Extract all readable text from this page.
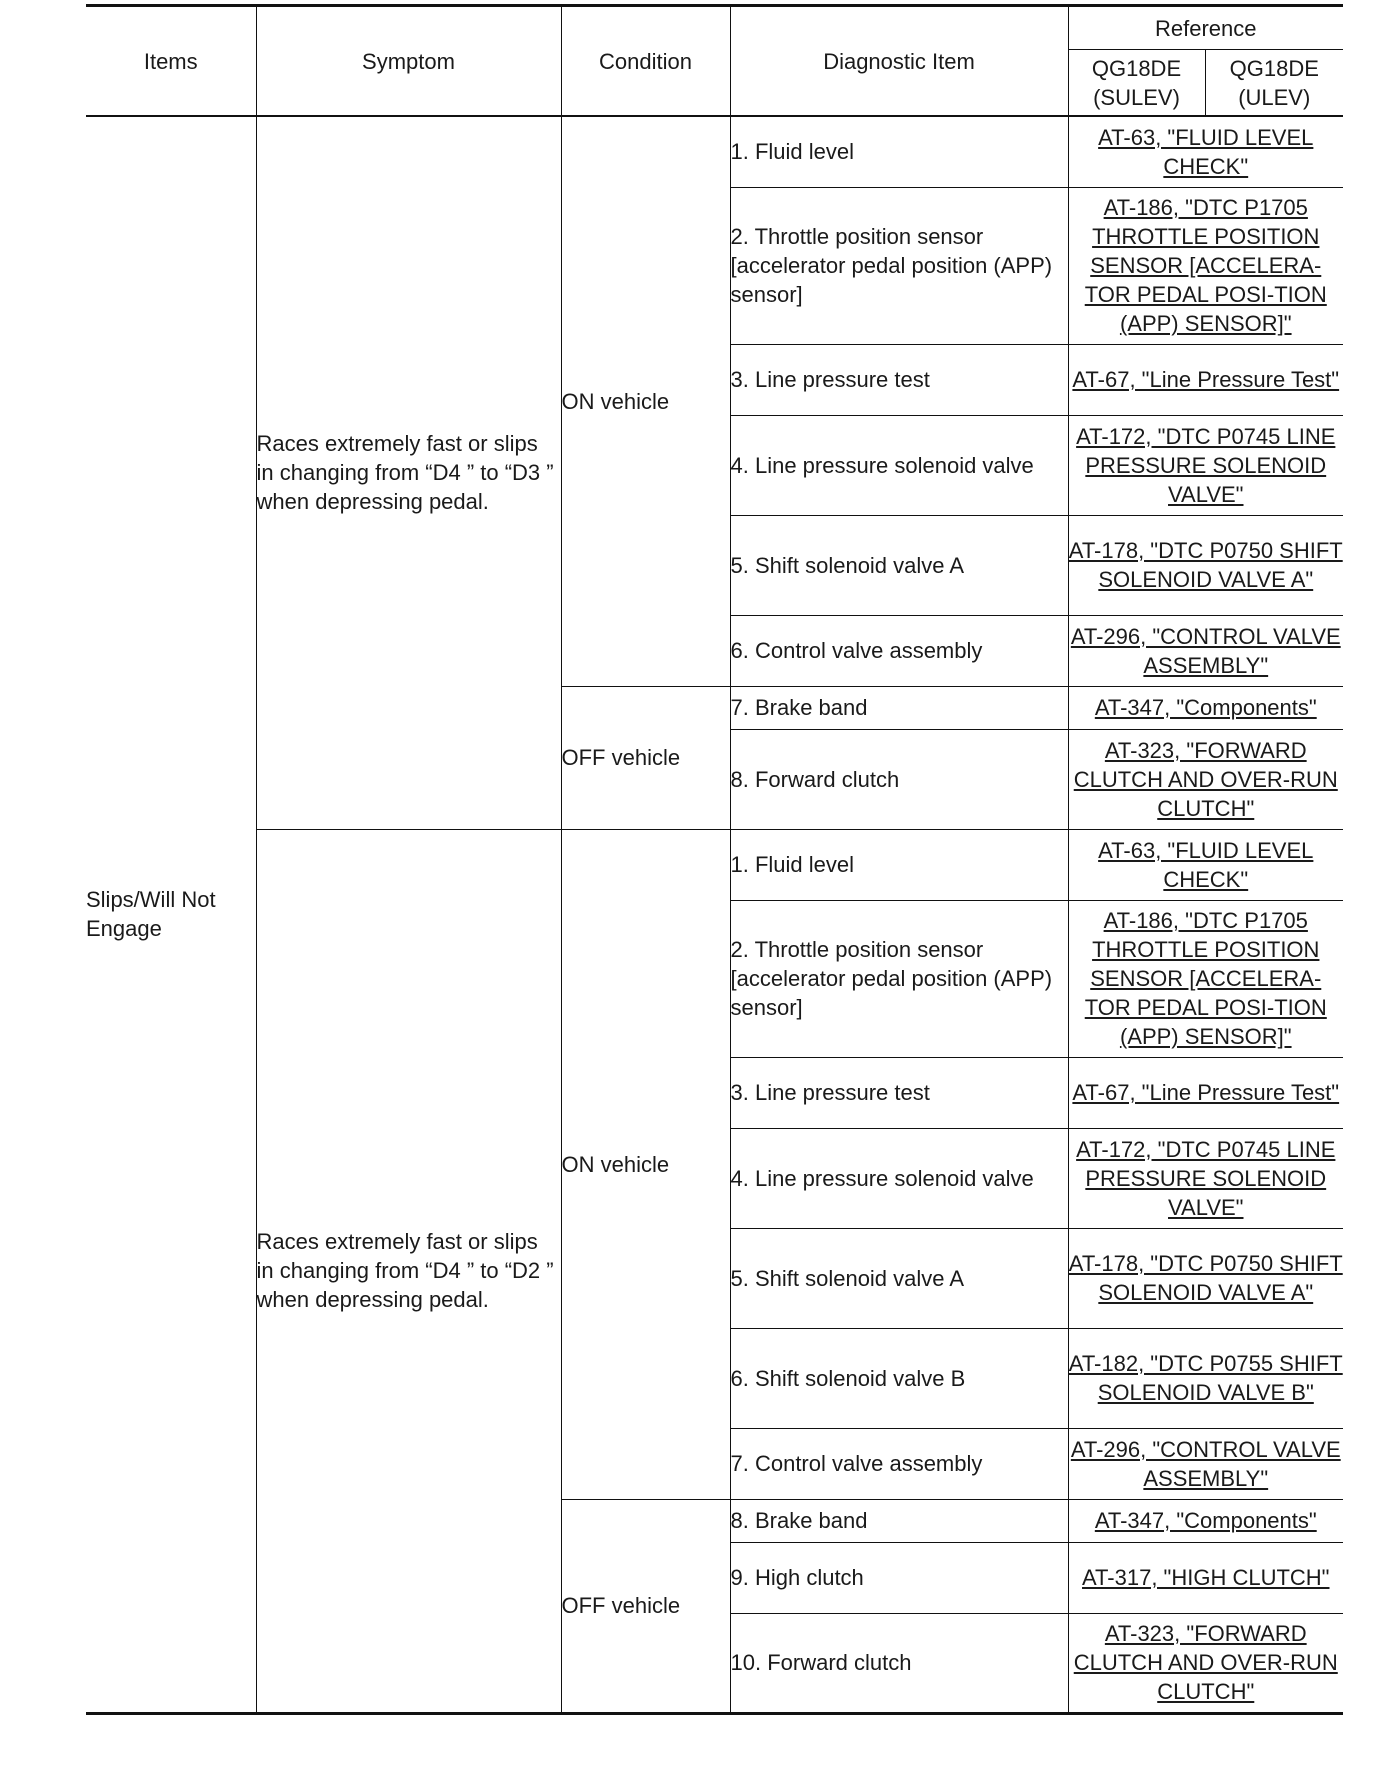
Items	Symptom	Condition	Diagnostic Item	Reference	
				QG18DE (SULEV)	QG18DE (ULEV)
Slips/Will Not Engage	Races extremely fast or slips in changing from “D4 ” to “D3 ” when depressing pedal.	ON vehicle	1. Fluid level	AT-63, "FLUID LEVEL CHECK"	
			2. Throttle position sensor [accelerator pedal position (APP) sensor]	AT-186, "DTC P1705 THROTTLE POSITION SENSOR [ACCELERA-TOR PEDAL POSI-TION (APP) SENSOR]"	
			3. Line pressure test	AT-67, "Line Pressure Test"	
			4. Line pressure solenoid valve	AT-172, "DTC P0745 LINE PRESSURE SOLENOID VALVE"	
			5. Shift solenoid valve A	AT-178, "DTC P0750 SHIFT SOLENOID VALVE A"	
			6. Control valve assembly	AT-296, "CONTROL VALVE ASSEMBLY"	
		OFF vehicle	7. Brake band	AT-347, "Components"	
			8. Forward clutch	AT-323, "FORWARD CLUTCH AND OVER-RUN CLUTCH"	
	Races extremely fast or slips in changing from “D4 ” to “D2 ” when depressing pedal.	ON vehicle	1. Fluid level	AT-63, "FLUID LEVEL CHECK"	
			2. Throttle position sensor [accelerator pedal position (APP) sensor]	AT-186, "DTC P1705 THROTTLE POSITION SENSOR [ACCELERA-TOR PEDAL POSI-TION (APP) SENSOR]"	
			3. Line pressure test	AT-67, "Line Pressure Test"	
			4. Line pressure solenoid valve	AT-172, "DTC P0745 LINE PRESSURE SOLENOID VALVE"	
			5. Shift solenoid valve A	AT-178, "DTC P0750 SHIFT SOLENOID VALVE A"	
			6. Shift solenoid valve B	AT-182, "DTC P0755 SHIFT SOLENOID VALVE B"	
			7. Control valve assembly	AT-296, "CONTROL VALVE ASSEMBLY"	
		OFF vehicle	8. Brake band	AT-347, "Components"	
			9. High clutch	AT-317, "HIGH CLUTCH"	
			10. Forward clutch	AT-323, "FORWARD CLUTCH AND OVER-RUN CLUTCH"	
